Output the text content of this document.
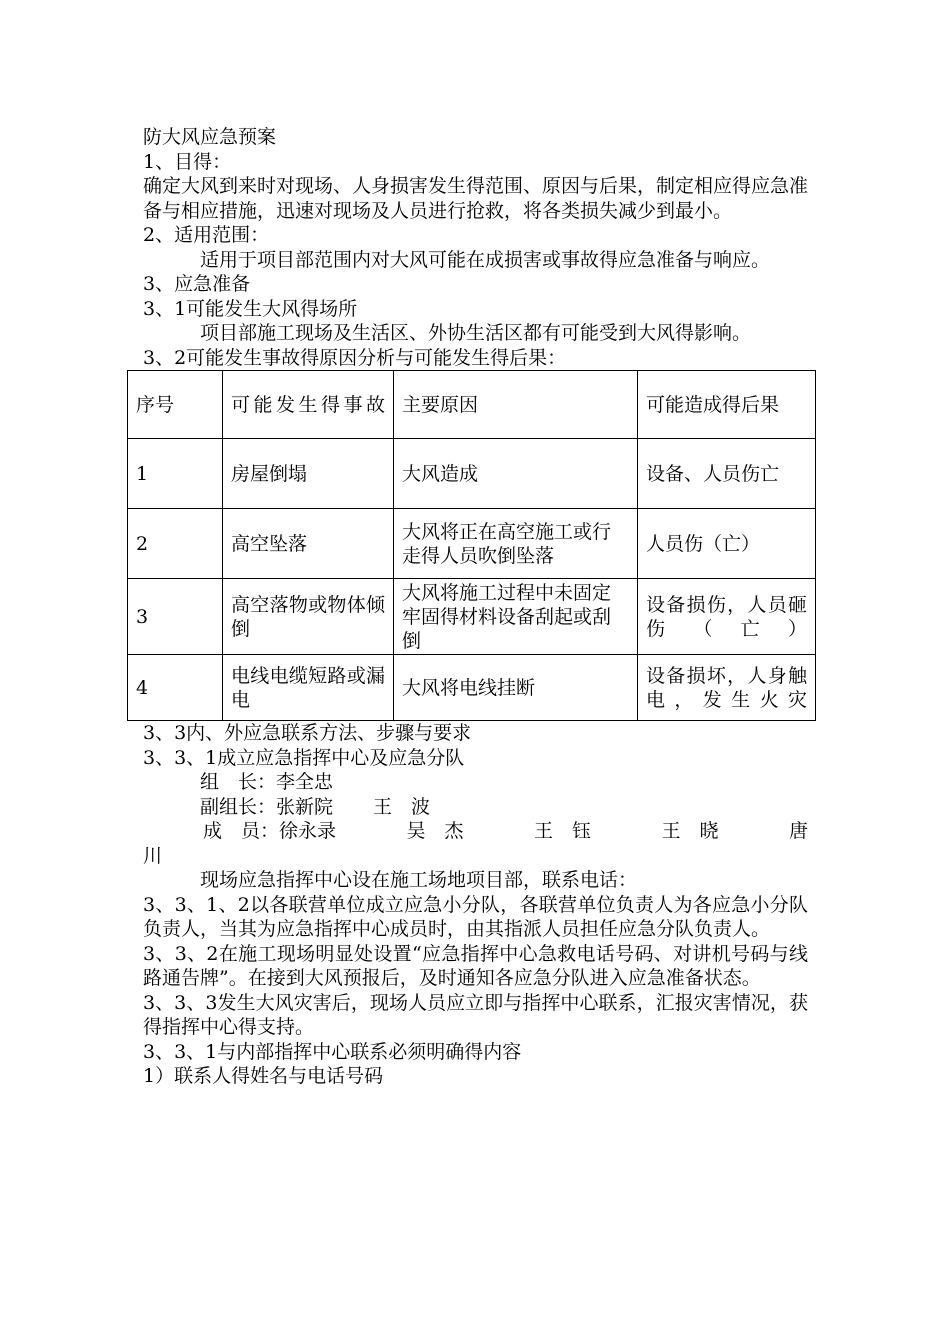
防大风应急预案

1、目得：

确定大风到来时对现场、人身损害发生得范围、原因与后果，制定相应得应急准备与相应措施，迅速对现场及人员进行抢救，将各类损失减少到最小。

2、适用范围：

适用于项目部范围内对大风可能在成损害或事故得应急准备与响应。

3、应急准备

3、1可能发生大风得场所

项目部施工现场及生活区、外协生活区都有可能受到大风得影响。

3、2可能发生事故得原因分析与可能发生得后果：

序号	可能发生得事故	主要原因	可能造成得后果
1	房屋倒塌	大风造成	设备、人员伤亡
2	高空坠落	大风将正在高空施工或行走得人员吹倒坠落	人员伤（亡）
3	高空落物或物体倾倒	大风将施工过程中未固定牢固得材料设备刮起或刮倒	设备损伤，人员砸伤（亡）
4	电线电缆短路或漏电	大风将电线挂断	设备损坏，人身触电，发生火灾

3、3内、外应急联系方法、步骤与要求

3、3、1成立应急指挥中心及应急分队

组　长：李全忠

副组长：张新院 王　波

成　员：徐永录	吴　杰	王　钰	王　晓	唐

川

现场应急指挥中心设在施工场地项目部，联系电话：

3、3、1、2以各联营单位成立应急小分队，各联营单位负责人为各应急小分队负责人，当其为应急指挥中心成员时，由其指派人员担任应急分队负责人。

3、3、2在施工现场明显处设置“应急指挥中心急救电话号码、对讲机号码与线路通告牌”。在接到大风预报后，及时通知各应急分队进入应急准备状态。

3、3、3发生大风灾害后，现场人员应立即与指挥中心联系，汇报灾害情况，获得指挥中心得支持。

3、3、1与内部指挥中心联系必须明确得内容

1）联系人得姓名与电话号码
